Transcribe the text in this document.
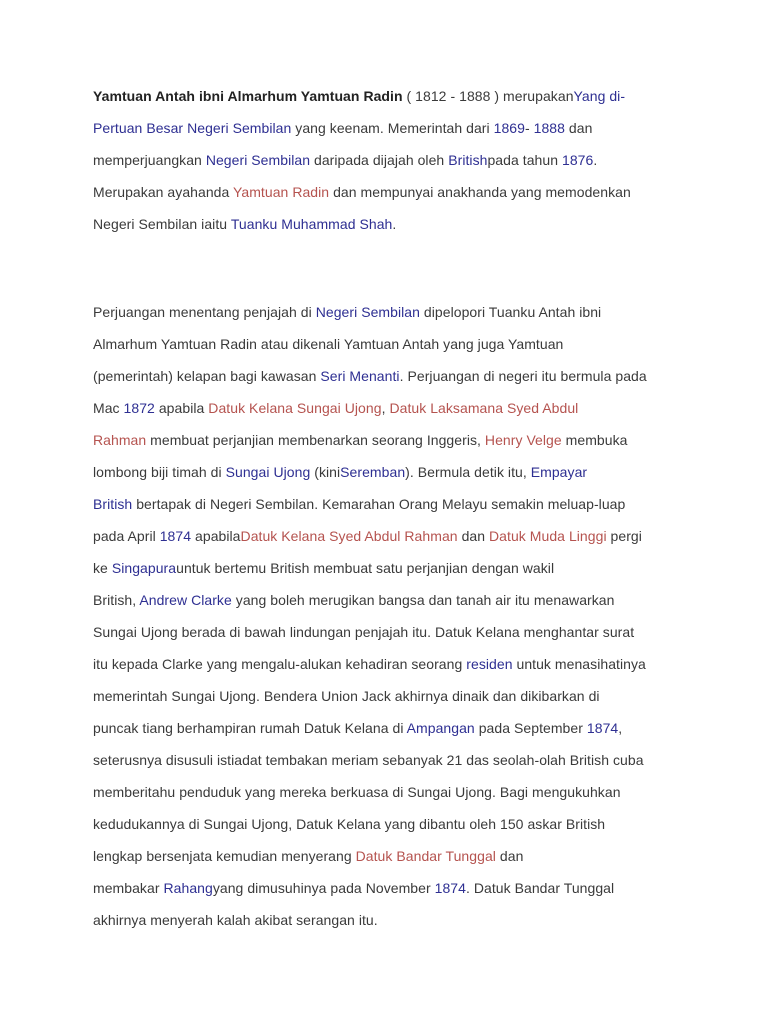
Yamtuan Antah ibni Almarhum Yamtuan Radin ( 1812 - 1888 ) merupakanYang di-
Pertuan Besar Negeri Sembilan yang keenam. Memerintah dari 1869- 1888 dan
memperjuangkan Negeri Sembilan daripada dijajah oleh Britishpada tahun 1876.
Merupakan ayahanda Yamtuan Radin dan mempunyai anakhanda yang memodenkan
Negeri Sembilan iaitu Tuanku Muhammad Shah.
Perjuangan menentang penjajah di Negeri Sembilan dipelopori Tuanku Antah ibni
Almarhum Yamtuan Radin atau dikenali Yamtuan Antah yang juga Yamtuan
(pemerintah) kelapan bagi kawasan Seri Menanti. Perjuangan di negeri itu bermula pada
Mac 1872 apabila Datuk Kelana Sungai Ujong, Datuk Laksamana Syed Abdul
Rahman membuat perjanjian membenarkan seorang Inggeris, Henry Velge membuka
lombong biji timah di Sungai Ujong (kiniSeremban). Bermula detik itu, Empayar
British bertapak di Negeri Sembilan. Kemarahan Orang Melayu semakin meluap-luap
pada April 1874 apabilaDatuk Kelana Syed Abdul Rahman dan Datuk Muda Linggi pergi
ke Singapurauntuk bertemu British membuat satu perjanjian dengan wakil
British, Andrew Clarke yang boleh merugikan bangsa dan tanah air itu menawarkan
Sungai Ujong berada di bawah lindungan penjajah itu. Datuk Kelana menghantar surat
itu kepada Clarke yang mengalu-alukan kehadiran seorang residen untuk menasihatinya
memerintah Sungai Ujong. Bendera Union Jack akhirnya dinaik dan dikibarkan di
puncak tiang berhampiran rumah Datuk Kelana di Ampangan pada September 1874,
seterusnya disusuli istiadat tembakan meriam sebanyak 21 das seolah-olah British cuba
memberitahu penduduk yang mereka berkuasa di Sungai Ujong. Bagi mengukuhkan
kedudukannya di Sungai Ujong, Datuk Kelana yang dibantu oleh 150 askar British
lengkap bersenjata kemudian menyerang Datuk Bandar Tunggal dan
membakar Rahangyang dimusuhinya pada November 1874. Datuk Bandar Tunggal
akhirnya menyerah kalah akibat serangan itu.
